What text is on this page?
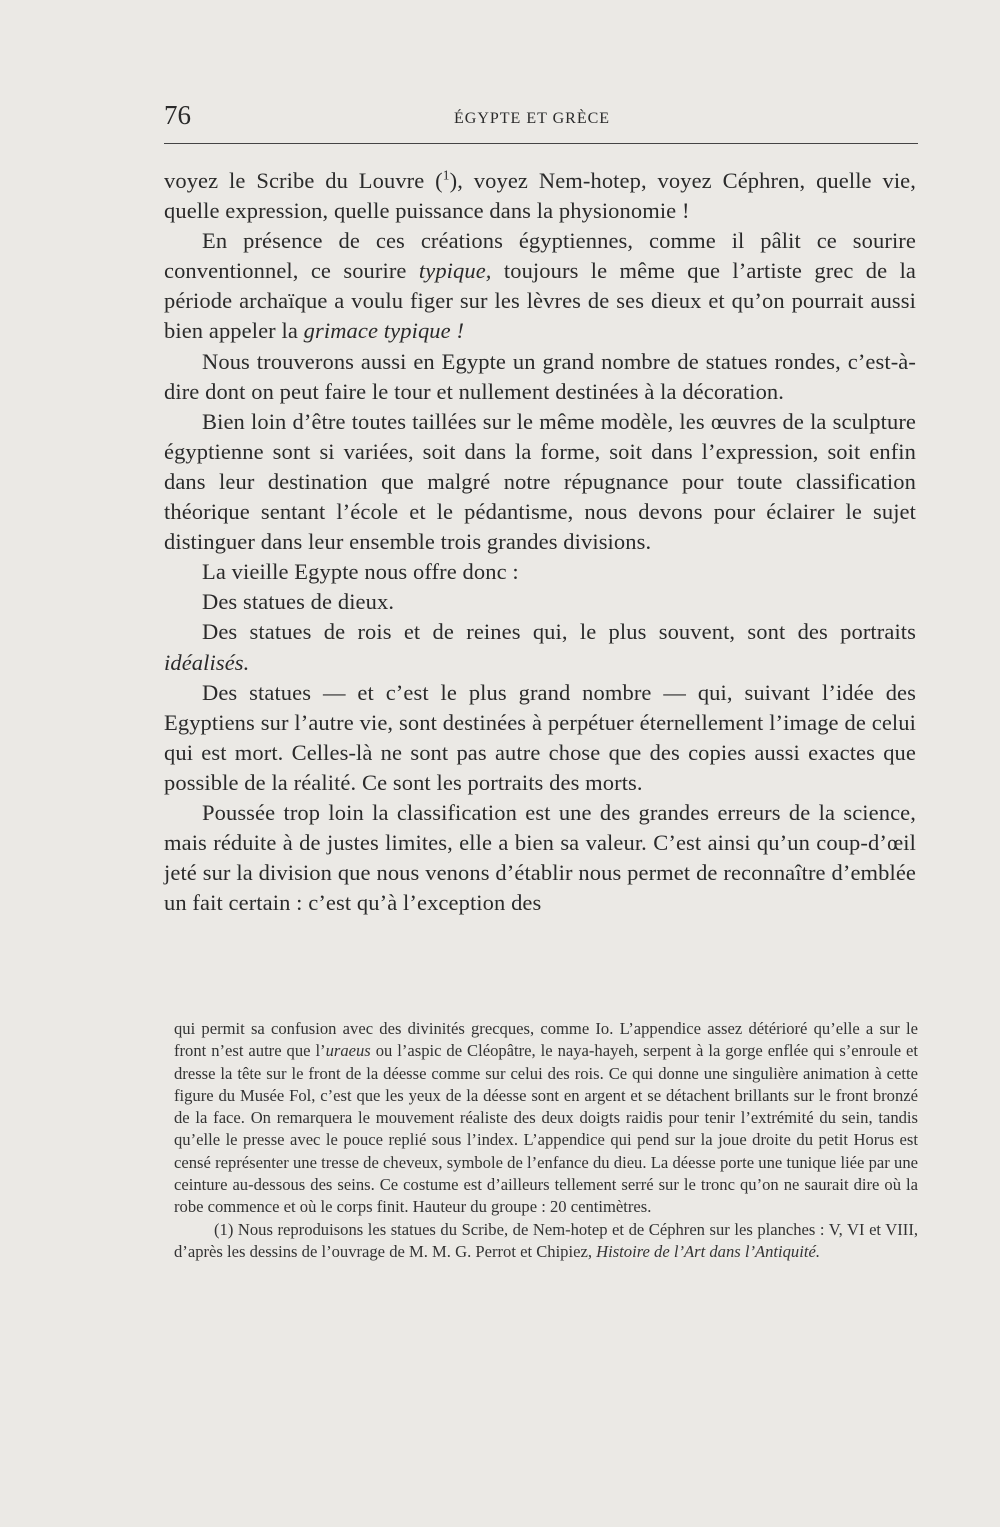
76	ÉGYPTE ET GRÈCE

voyez le Scribe du Louvre ($^1$), voyez Nem-hotep, voyez Céphren, quelle vie, quelle expression, quelle puissance dans la physionomie !

En présence de ces créations égyptiennes, comme il pâlit ce sourire conventionnel, ce sourire typique, toujours le même que l’artiste grec de la période archaïque a voulu figer sur les lèvres de ses dieux et qu’on pourrait aussi bien appeler la grimace typique !

Nous trouverons aussi en Egypte un grand nombre de statues rondes, c’est-à-dire dont on peut faire le tour et nullement destinées à la décoration.

Bien loin d’être toutes taillées sur le même modèle, les œuvres de la sculpture égyptienne sont si variées, soit dans la forme, soit dans l’expression, soit enfin dans leur destination que malgré notre répugnance pour toute classification théorique sentant l’école et le pédantisme, nous devons pour éclairer le sujet distinguer dans leur ensemble trois grandes divisions.

La vieille Egypte nous offre donc :

Des statues de dieux.

Des statues de rois et de reines qui, le plus souvent, sont des portraits idéalisés.

Des statues — et c’est le plus grand nombre — qui, suivant l’idée des Egyptiens sur l’autre vie, sont destinées à perpétuer éternellement l’image de celui qui est mort. Celles-là ne sont pas autre chose que des copies aussi exactes que possible de la réalité. Ce sont les portraits des morts.

Poussée trop loin la classification est une des grandes erreurs de la science, mais réduite à de justes limites, elle a bien sa valeur. C’est ainsi qu’un coup-d’œil jeté sur la division que nous venons d’établir nous permet de reconnaître d’emblée un fait certain : c’est qu’à l’exception des

qui permit sa confusion avec des divinités grecques, comme Io. L’appendice assez détérioré qu’elle a sur le front n’est autre que l’uraeus ou l’aspic de Cléopâtre, le naya-hayeh, serpent à la gorge enflée qui s’enroule et dresse la tête sur le front de la déesse comme sur celui des rois. Ce qui donne une singulière animation à cette figure du Musée Fol, c’est que les yeux de la déesse sont en argent et se détachent brillants sur le front bronzé de la face. On remarquera le mouvement réaliste des deux doigts raidis pour tenir l’extrémité du sein, tandis qu’elle le presse avec le pouce replié sous l’index. L’appendice qui pend sur la joue droite du petit Horus est censé représenter une tresse de cheveux, symbole de l’enfance du dieu. La déesse porte une tunique liée par une ceinture au-dessous des seins. Ce costume est d’ailleurs tellement serré sur le tronc qu’on ne saurait dire où la robe commence et où le corps finit. Hauteur du groupe : 20 centimètres.

(1) Nous reproduisons les statues du Scribe, de Nem-hotep et de Céphren sur les planches : V, VI et VIII, d’après les dessins de l’ouvrage de M. M. G. Perrot et Chipiez, Histoire de l’Art dans l’Antiquité.
